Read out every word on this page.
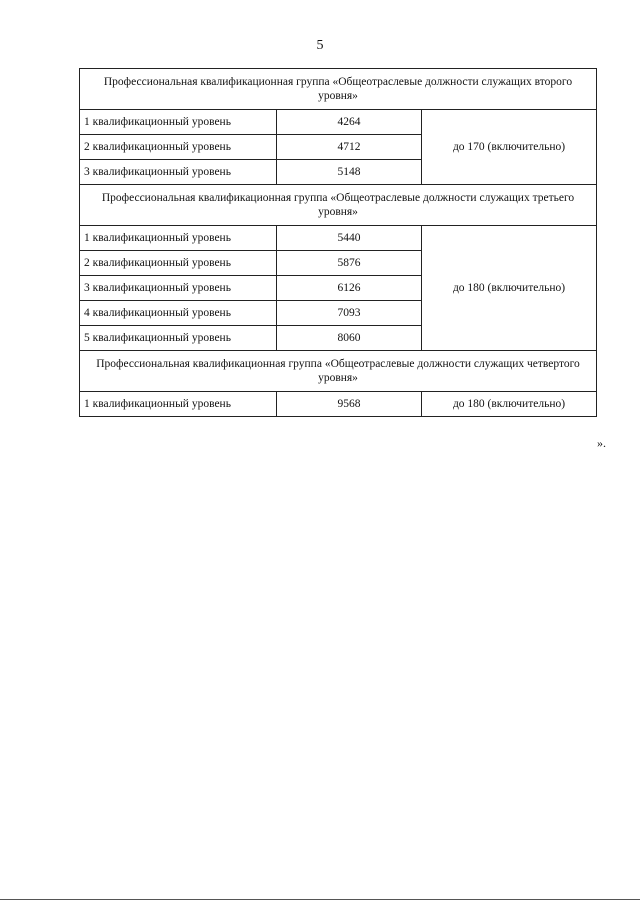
5
Профессиональная квалификационная группа «Общеотраслевые должности служащих второго уровня»		
1 квалификационный уровень	4264	до 170 (включительно)
2 квалификационный уровень	4712	
3 квалификационный уровень	5148	
Профессиональная квалификационная группа «Общеотраслевые должности служащих третьего уровня»		
1 квалификационный уровень	5440	до 180 (включительно)
2 квалификационный уровень	5876	
3 квалификационный уровень	6126	
4 квалификационный уровень	7093	
5 квалификационный уровень	8060	
Профессиональная квалификационная группа «Общеотраслевые должности служащих четвертого уровня»		
1 квалификационный уровень	9568	до 180 (включительно)
».
